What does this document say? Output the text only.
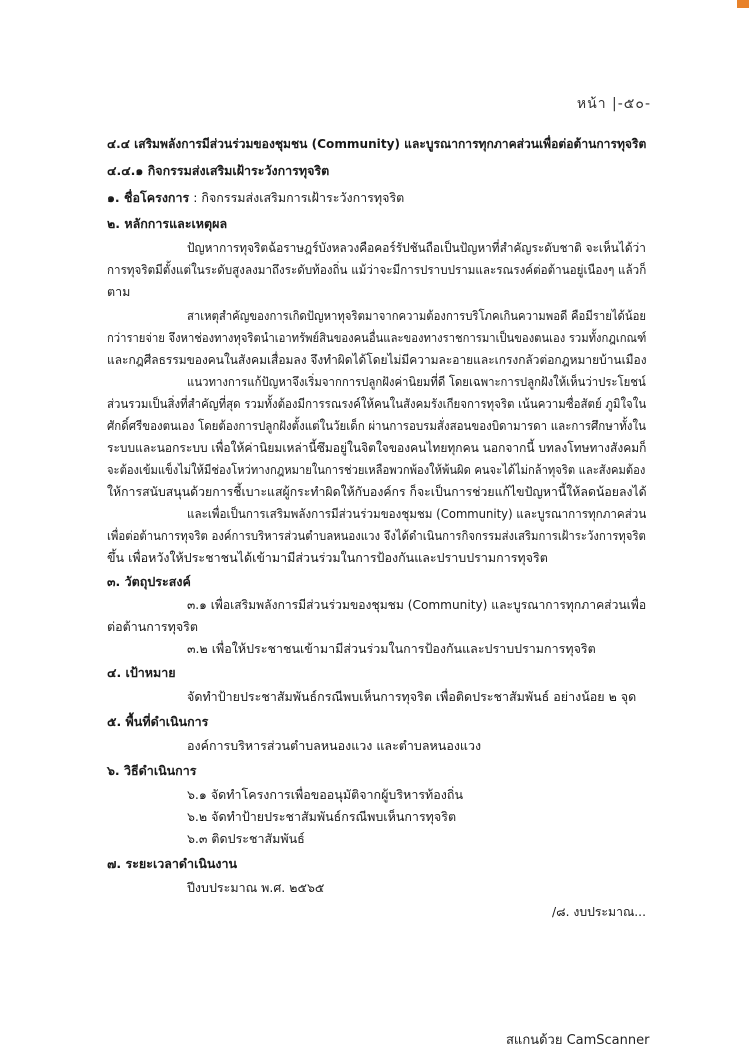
หน้า |-๕๐-
๔.๔ เสริมพลังการมีส่วนร่วมของชุมชน (Community) และบูรณาการทุกภาคส่วนเพื่อต่อต้านการทุจริต
๔.๔.๑ กิจกรรมส่งเสริมเฝ้าระวังการทุจริต
๑. ชื่อโครงการ : กิจกรรมส่งเสริมการเฝ้าระวังการทุจริต
๒. หลักการและเหตุผล
ปัญหาการทุจริตฉ้อราษฎร์บังหลวงคือคอร์รัปชันถือเป็นปัญหาที่สำคัญระดับชาติ จะเห็นได้ว่า
การทุจริตมีตั้งแต่ในระดับสูงลงมาถึงระดับท้องถิ่น แม้ว่าจะมีการปราบปรามและรณรงค์ต่อต้านอยู่เนืองๆ แล้วก็
ตาม
สาเหตุสำคัญของการเกิดปัญหาทุจริตมาจากความต้องการบริโภคเกินความพอดี คือมีรายได้น้อย
กว่ารายจ่าย จึงหาช่องทางทุจริตนำเอาทรัพย์สินของคนอื่นและของทางราชการมาเป็นของตนเอง รวมทั้งกฎเกณฑ์
และกฎศีลธรรมของคนในสังคมเสื่อมลง จึงทำผิดได้โดยไม่มีความละอายและเกรงกลัวต่อกฎหมายบ้านเมือง
แนวทางการแก้ปัญหาจึงเริ่มจากการปลูกฝังค่านิยมที่ดี โดยเฉพาะการปลูกฝังให้เห็นว่าประโยชน์
ส่วนรวมเป็นสิ่งที่สำคัญที่สุด รวมทั้งต้องมีการรณรงค์ให้คนในสังคมรังเกียจการทุจริต เน้นความซื่อสัตย์ ภูมิใจใน
ศักดิ์ศรีของตนเอง โดยต้องการปลูกฝังตั้งแต่ในวัยเด็ก ผ่านการอบรมสั่งสอนของบิดามารดา และการศึกษาทั้งใน
ระบบและนอกระบบ เพื่อให้ค่านิยมเหล่านี้ซึมอยู่ในจิตใจของคนไทยทุกคน นอกจากนี้ บทลงโทษทางสังคมก็
จะต้องเข้มแข็งไม่ให้มีช่องโหว่ทางกฎหมายในการช่วยเหลือพวกพ้องให้พ้นผิด คนจะได้ไม่กล้าทุจริต และสังคมต้อง
ให้การสนับสนุนด้วยการชี้เบาะแสผู้กระทำผิดให้กับองค์กร ก็จะเป็นการช่วยแก้ไขปัญหานี้ให้ลดน้อยลงได้
และเพื่อเป็นการเสริมพลังการมีส่วนร่วมของชุมชม (Community) และบูรณาการทุกภาคส่วน
เพื่อต่อต้านการทุจริต องค์การบริหารส่วนตำบลหนองแวง จึงได้ดำเนินการกิจกรรมส่งเสริมการเฝ้าระวังการทุจริต
ขึ้น เพื่อหวังให้ประชาชนได้เข้ามามีส่วนร่วมในการป้องกันและปราบปรามการทุจริต
๓. วัตถุประสงค์
๓.๑ เพื่อเสริมพลังการมีส่วนร่วมของชุมชม (Community) และบูรณาการทุกภาคส่วนเพื่อ
ต่อต้านการทุจริต
๓.๒ เพื่อให้ประชาชนเข้ามามีส่วนร่วมในการป้องกันและปราบปรามการทุจริต
๔. เป้าหมาย
จัดทำป้ายประชาสัมพันธ์กรณีพบเห็นการทุจริต เพื่อติดประชาสัมพันธ์ อย่างน้อย ๒ จุด
๕. พื้นที่ดำเนินการ
องค์การบริหารส่วนตำบลหนองแวง และตำบลหนองแวง
๖. วิธีดำเนินการ
๖.๑ จัดทำโครงการเพื่อขออนุมัติจากผู้บริหารท้องถิ่น
๖.๒ จัดทำป้ายประชาสัมพันธ์กรณีพบเห็นการทุจริต
๖.๓ ติดประชาสัมพันธ์
๗. ระยะเวลาดำเนินงาน
ปีงบประมาณ พ.ศ. ๒๕๖๕
/๘. งบประมาณ...
สแกนด้วย CamScanner
